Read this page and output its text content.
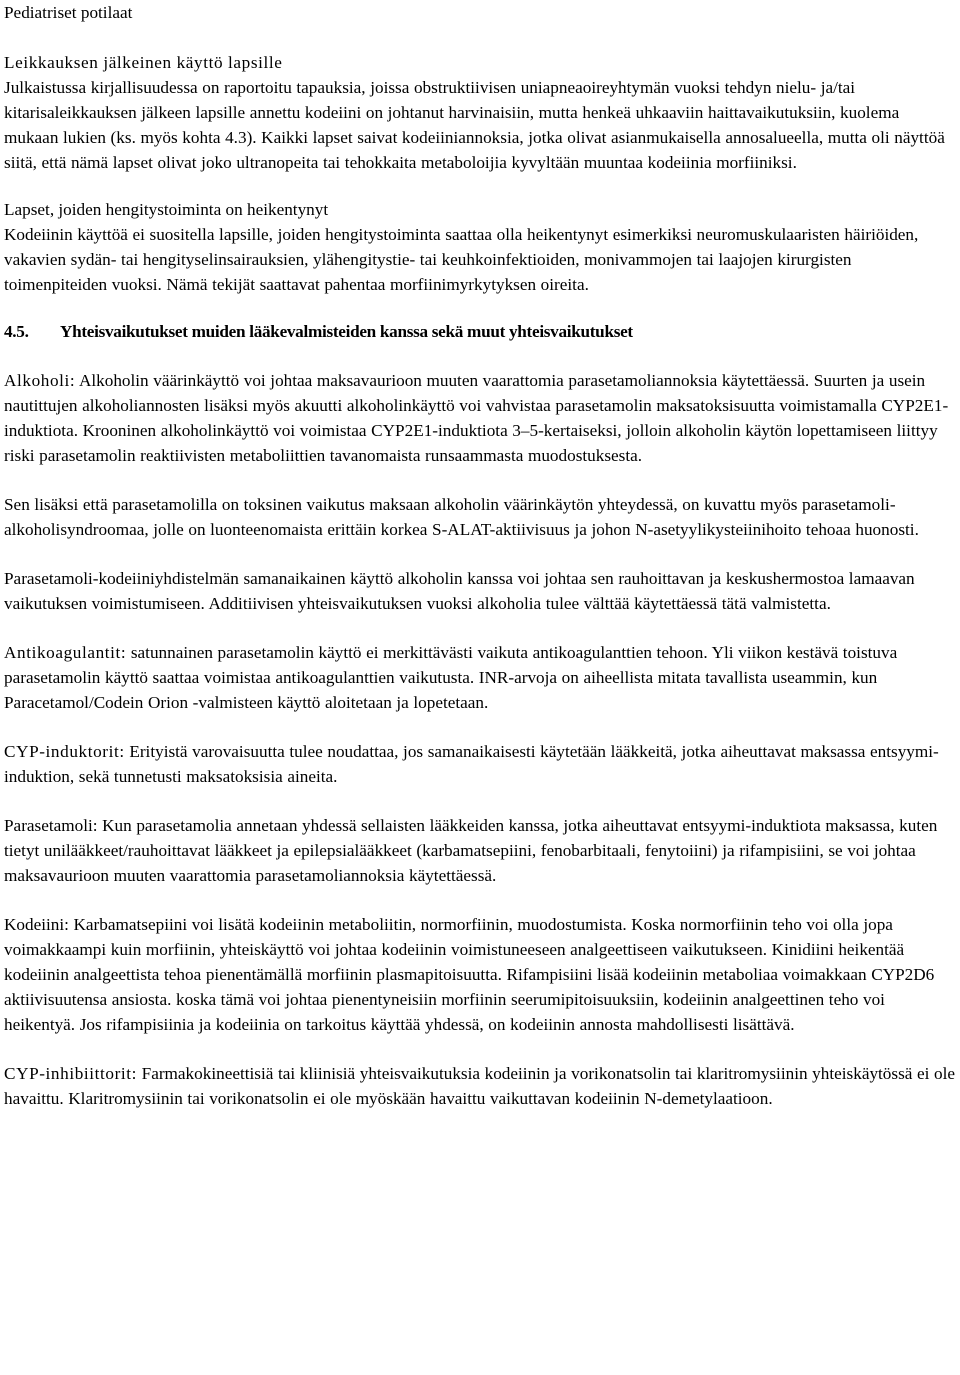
Pediatriset potilaat

Leikkauksen jälkeinen käyttö lapsille

Julkaistussa kirjallisuudessa on raportoitu tapauksia, joissa obstruktiivisen uniapneaoireyhtymän vuoksi tehdyn nielu- ja/tai kitarisaleikkauksen jälkeen lapsille annettu kodeiini on johtanut harvinaisiin, mutta henkeä uhkaaviin haittavaikutuksiin, kuolema mukaan lukien (ks. myös kohta 4.3). Kaikki lapset saivat kodeiiniannoksia, jotka olivat asianmukaisella annosalueella, mutta oli näyttöä siitä, että nämä lapset olivat joko ultranopeita tai tehokkaita metaboloijia kyvyltään muuntaa kodeiinia morfiiniksi.

Lapset, joiden hengitystoiminta on heikentynyt

Kodeiinin käyttöä ei suositella lapsille, joiden hengitystoiminta saattaa olla heikentynyt esimerkiksi neuromuskulaaristen häiriöiden, vakavien sydän- tai hengityselinsairauksien, ylähengitystie- tai keuhkoinfektioiden, monivammojen tai laajojen kirurgisten toimenpiteiden vuoksi. Nämä tekijät saattavat pahentaa morfiinimyrkytyksen oireita.

4.5. Yhteisvaikutukset muiden lääkevalmisteiden kanssa sekä muut yhteisvaikutukset

Alkoholi: Alkoholin väärinkäyttö voi johtaa maksavaurioon muuten vaarattomia parasetamoliannoksia käytettäessä. Suurten ja usein nautittujen alkoholiannosten lisäksi myös akuutti alkoholinkäyttö voi vahvistaa parasetamolin maksatoksisuutta voimistamalla CYP2E1-induktiota. Krooninen alkoholinkäyttö voi voimistaa CYP2E1-induktiota 3–5-kertaiseksi, jolloin alkoholin käytön lopettamiseen liittyy riski parasetamolin reaktiivisten metaboliittien tavanomaista runsaammasta muodostuksesta.

Sen lisäksi että parasetamolilla on toksinen vaikutus maksaan alkoholin väärinkäytön yhteydessä, on kuvattu myös parasetamoli-alkoholisyndroomaa, jolle on luonteenomaista erittäin korkea S-ALAT-aktiivisuus ja johon N-asetyylikysteiinihoito tehoaa huonosti.

Parasetamoli-kodeiiniyhdistelmän samanaikainen käyttö alkoholin kanssa voi johtaa sen rauhoittavan ja keskushermostoa lamaavan vaikutuksen voimistumiseen. Additiivisen yhteisvaikutuksen vuoksi alkoholia tulee välttää käytettäessä tätä valmistetta.

Antikoagulantit: satunnainen parasetamolin käyttö ei merkittävästi vaikuta antikoagulanttien tehoon. Yli viikon kestävä toistuva parasetamolin käyttö saattaa voimistaa antikoagulanttien vaikutusta. INR-arvoja on aiheellista mitata tavallista useammin, kun Paracetamol/Codein Orion -valmisteen käyttö aloitetaan ja lopetetaan.

CYP-induktorit: Erityistä varovaisuutta tulee noudattaa, jos samanaikaisesti käytetään lääkkeitä, jotka aiheuttavat maksassa entsyymi-induktion, sekä tunnetusti maksatoksisia aineita.

Parasetamoli: Kun parasetamolia annetaan yhdessä sellaisten lääkkeiden kanssa, jotka aiheuttavat entsyymi-induktiota maksassa, kuten tietyt unilääkkeet/rauhoittavat lääkkeet ja epilepsialääkkeet (karbamatsepiini, fenobarbitaali, fenytoiini) ja rifampisiini, se voi johtaa maksavaurioon muuten vaarattomia parasetamoliannoksia käytettäessä.

Kodeiini: Karbamatsepiini voi lisätä kodeiinin metaboliitin, normorfiinin, muodostumista. Koska normorfiinin teho voi olla jopa voimakkaampi kuin morfiinin, yhteiskäyttö voi johtaa kodeiinin voimistuneeseen analgeettiseen vaikutukseen. Kinidiini heikentää kodeiinin analgeettista tehoa pienentämällä morfiinin plasmapitoisuutta. Rifampisiini lisää kodeiinin metaboliaa voimakkaan CYP2D6 aktiivisuutensa ansiosta. koska tämä voi johtaa pienentyneisiin morfiinin seerumipitoisuuksiin, kodeiinin analgeettinen teho voi heikentyä. Jos rifampisiinia ja kodeiinia on tarkoitus käyttää yhdessä, on kodeiinin annosta mahdollisesti lisättävä.

CYP-inhibiittorit: Farmakokineettisiä tai kliinisiä yhteisvaikutuksia kodeiinin ja vorikonatsolin tai klaritromysiinin yhteiskäytössä ei ole havaittu. Klaritromysiinin tai vorikonatsolin ei ole myöskään havaittu vaikuttavan kodeiinin N-demetylaatioon.
